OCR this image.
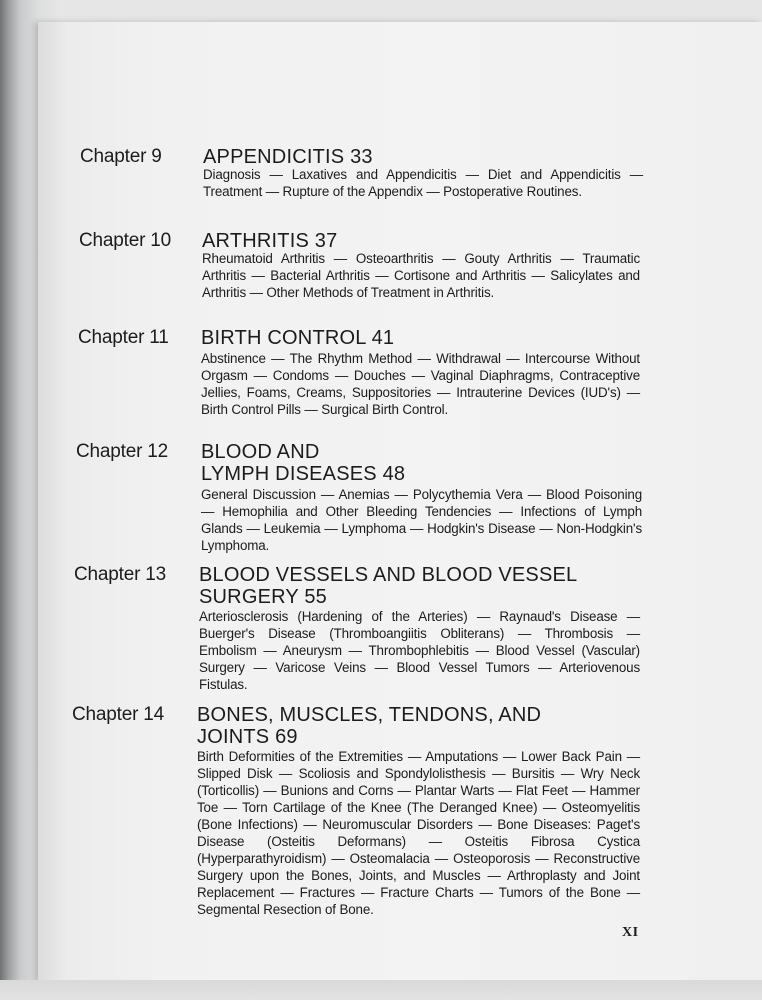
Chapter 9 APPENDICITIS 33
Diagnosis — Laxatives and Appendicitis — Diet and Appendicitis — Treatment — Rupture of the Appendix — Postoperative Routines.
Chapter 10 ARTHRITIS 37
Rheumatoid Arthritis — Osteoarthritis — Gouty Arthritis — Traumatic Arthritis — Bacterial Arthritis — Cortisone and Arthritis — Salicylates and Arthritis — Other Methods of Treatment in Arthritis.
Chapter 11 BIRTH CONTROL 41
Abstinence — The Rhythm Method — Withdrawal — Intercourse Without Orgasm — Condoms — Douches — Vaginal Diaphragms, Contraceptive Jellies, Foams, Creams, Suppositories — Intrauterine Devices (IUD's) — Birth Control Pills — Surgical Birth Control.
Chapter 12 BLOOD AND
LYMPH DISEASES 48
General Discussion — Anemias — Polycythemia Vera — Blood Poisoning — Hemophilia and Other Bleeding Tendencies — Infections of Lymph Glands — Leukemia — Lymphoma — Hodgkin's Disease — Non-Hodgkin's Lymphoma.
Chapter 13 BLOOD VESSELS AND BLOOD VESSEL
SURGERY 55
Arteriosclerosis (Hardening of the Arteries) — Raynaud's Disease — Buerger's Disease (Thromboangiitis Obliterans) — Thrombosis — Embolism — Aneurysm — Thrombophlebitis — Blood Vessel (Vascular) Surgery — Varicose Veins — Blood Vessel Tumors — Arteriovenous Fistulas.
Chapter 14 BONES, MUSCLES, TENDONS, AND
JOINTS 69
Birth Deformities of the Extremities — Amputations — Lower Back Pain — Slipped Disk — Scoliosis and Spondylolisthesis — Bursitis — Wry Neck (Torticollis) — Bunions and Corns — Plantar Warts — Flat Feet — Hammer Toe — Torn Cartilage of the Knee (The Deranged Knee) — Osteomyelitis (Bone Infections) — Neuromuscular Disorders — Bone Diseases: Paget's Disease (Osteitis Deformans) — Osteitis Fibrosa Cystica (Hyperparathyroidism) — Osteomalacia — Osteoporosis — Reconstructive Surgery upon the Bones, Joints, and Muscles — Arthroplasty and Joint Replacement — Fractures — Fracture Charts — Tumors of the Bone — Segmental Resection of Bone.
XI
